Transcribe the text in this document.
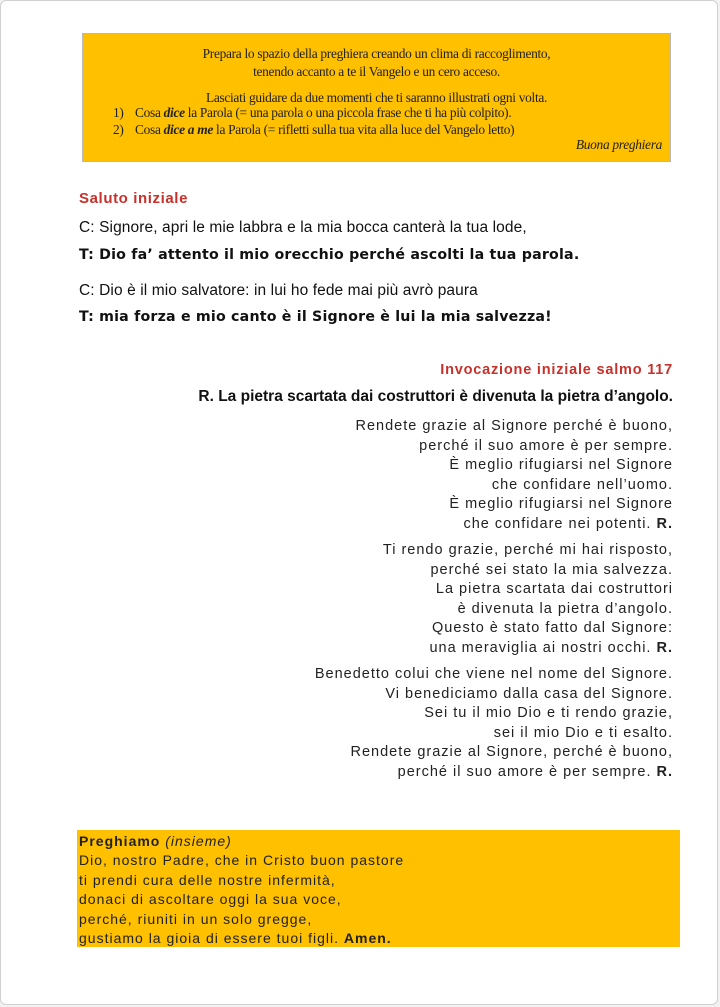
Prepara lo spazio della preghiera creando un clima di raccoglimento,
tenendo accanto a te il Vangelo e un cero acceso.
Lasciati guidare da due momenti che ti saranno illustrati ogni volta.
1) Cosa dice la Parola (= una parola o una piccola frase che ti ha più colpito).
2) Cosa dice a me la Parola (= rifletti sulla tua vita alla luce del Vangelo letto)
Buona preghiera
Saluto iniziale
C: Signore, apri le mie labbra e la mia bocca canterà la tua lode,
T: Dio fa’ attento il mio orecchio perché ascolti la tua parola.
C: Dio è il mio salvatore: in lui ho fede mai più avrò paura
T: mia forza e mio canto è il Signore è lui la mia salvezza!
Invocazione iniziale salmo 117
R. La pietra scartata dai costruttori è divenuta la pietra d’angolo.
Rendete grazie al Signore perché è buono,
perché il suo amore è per sempre.
È meglio rifugiarsi nel Signore
che confidare nell’uomo.
È meglio rifugiarsi nel Signore
che confidare nei potenti. R.
Ti rendo grazie, perché mi hai risposto,
perché sei stato la mia salvezza.
La pietra scartata dai costruttori
è divenuta la pietra d’angolo.
Questo è stato fatto dal Signore:
una meraviglia ai nostri occhi. R.
Benedetto colui che viene nel nome del Signore.
Vi benediciamo dalla casa del Signore.
Sei tu il mio Dio e ti rendo grazie,
sei il mio Dio e ti esalto.
Rendete grazie al Signore, perché è buono,
perché il suo amore è per sempre. R.
Preghiamo (insieme)
Dio, nostro Padre, che in Cristo buon pastore
ti prendi cura delle nostre infermità,
donaci di ascoltare oggi la sua voce,
perché, riuniti in un solo gregge,
gustiamo la gioia di essere tuoi figli. Amen.
